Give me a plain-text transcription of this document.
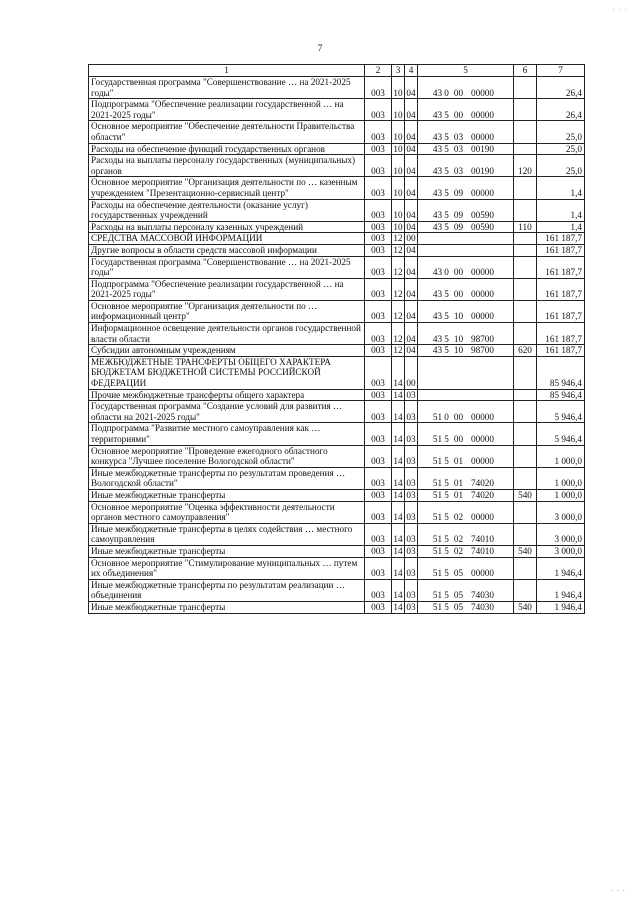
· · ·
7
1	2	3	4	5	6	7
Государственная программа "Совершенствование … на 2021-2025 годы"	003	10	04	43 0 00 00000		26,4
Подпрограмма "Обеспечение реализации государственной … на 2021-2025 годы"	003	10	04	43 5 00 00000		26,4
Основное мероприятие "Обеспечение деятельности Правительства области"	003	10	04	43 5 03 00000		25,0
Расходы на обеспечение функций государственных органов	003	10	04	43 5 03 00190		25,0
Расходы на выплаты персоналу государственных (муниципальных) органов	003	10	04	43 5 03 00190	120	25,0
Основное мероприятие "Организация деятельности по … казенным учреждением "Презентационно-сервисный центр"	003	10	04	43 5 09 00000		1,4
Расходы на обеспечение деятельности (оказание услуг) государственных учреждений	003	10	04	43 5 09 00590		1,4
Расходы на выплаты персоналу казенных учреждений	003	10	04	43 5 09 00590	110	1,4
СРЕДСТВА МАССОВОЙ ИНФОРМАЦИИ	003	12	00			161 187,7
Другие вопросы в области средств массовой информации	003	12	04			161 187,7
Государственная программа "Совершенствование … на 2021-2025 годы"	003	12	04	43 0 00 00000		161 187,7
Подпрограмма "Обеспечение реализации государственной … на 2021-2025 годы"	003	12	04	43 5 00 00000		161 187,7
Основное мероприятие "Организация деятельности по … информационный центр"	003	12	04	43 5 10 00000		161 187,7
Информационное освещение деятельности органов государственной власти области	003	12	04	43 5 10 98700		161 187,7
Субсидии автономным учреждениям	003	12	04	43 5 10 98700	620	161 187,7
МЕЖБЮДЖЕТНЫЕ ТРАНСФЕРТЫ ОБЩЕГО ХАРАКТЕРА БЮДЖЕТАМ БЮДЖЕТНОЙ СИСТЕМЫ РОССИЙСКОЙ ФЕДЕРАЦИИ	003	14	00			85 946,4
Прочие межбюджетные трансферты общего характера	003	14	03			85 946,4
Государственная программа "Создание условий для развития … области на 2021-2025 годы"	003	14	03	51 0 00 00000		5 946,4
Подпрограмма "Развитие местного самоуправления как … территориями"	003	14	03	51 5 00 00000		5 946,4
Основное мероприятие "Проведение ежегодного областного конкурса "Лучшее поселение Вологодской области"	003	14	03	51 5 01 00000		1 000,0
Иные межбюджетные трансферты по результатам проведения … Вологодской области"	003	14	03	51 5 01 74020		1 000,0
Иные межбюджетные трансферты	003	14	03	51 5 01 74020	540	1 000,0
Основное мероприятие "Оценка эффективности деятельности органов местного самоуправления"	003	14	03	51 5 02 00000		3 000,0
Иные межбюджетные трансферты в целях содействия … местного самоуправления	003	14	03	51 5 02 74010		3 000,0
Иные межбюджетные трансферты	003	14	03	51 5 02 74010	540	3 000,0
Основное мероприятие "Стимулирование муниципальных … путем их объединения"	003	14	03	51 5 05 00000		1 946,4
Иные межбюджетные трансферты по результатам реализации … объединения	003	14	03	51 5 05 74030		1 946,4
Иные межбюджетные трансферты	003	14	03	51 5 05 74030	540	1 946,4
· · ·
